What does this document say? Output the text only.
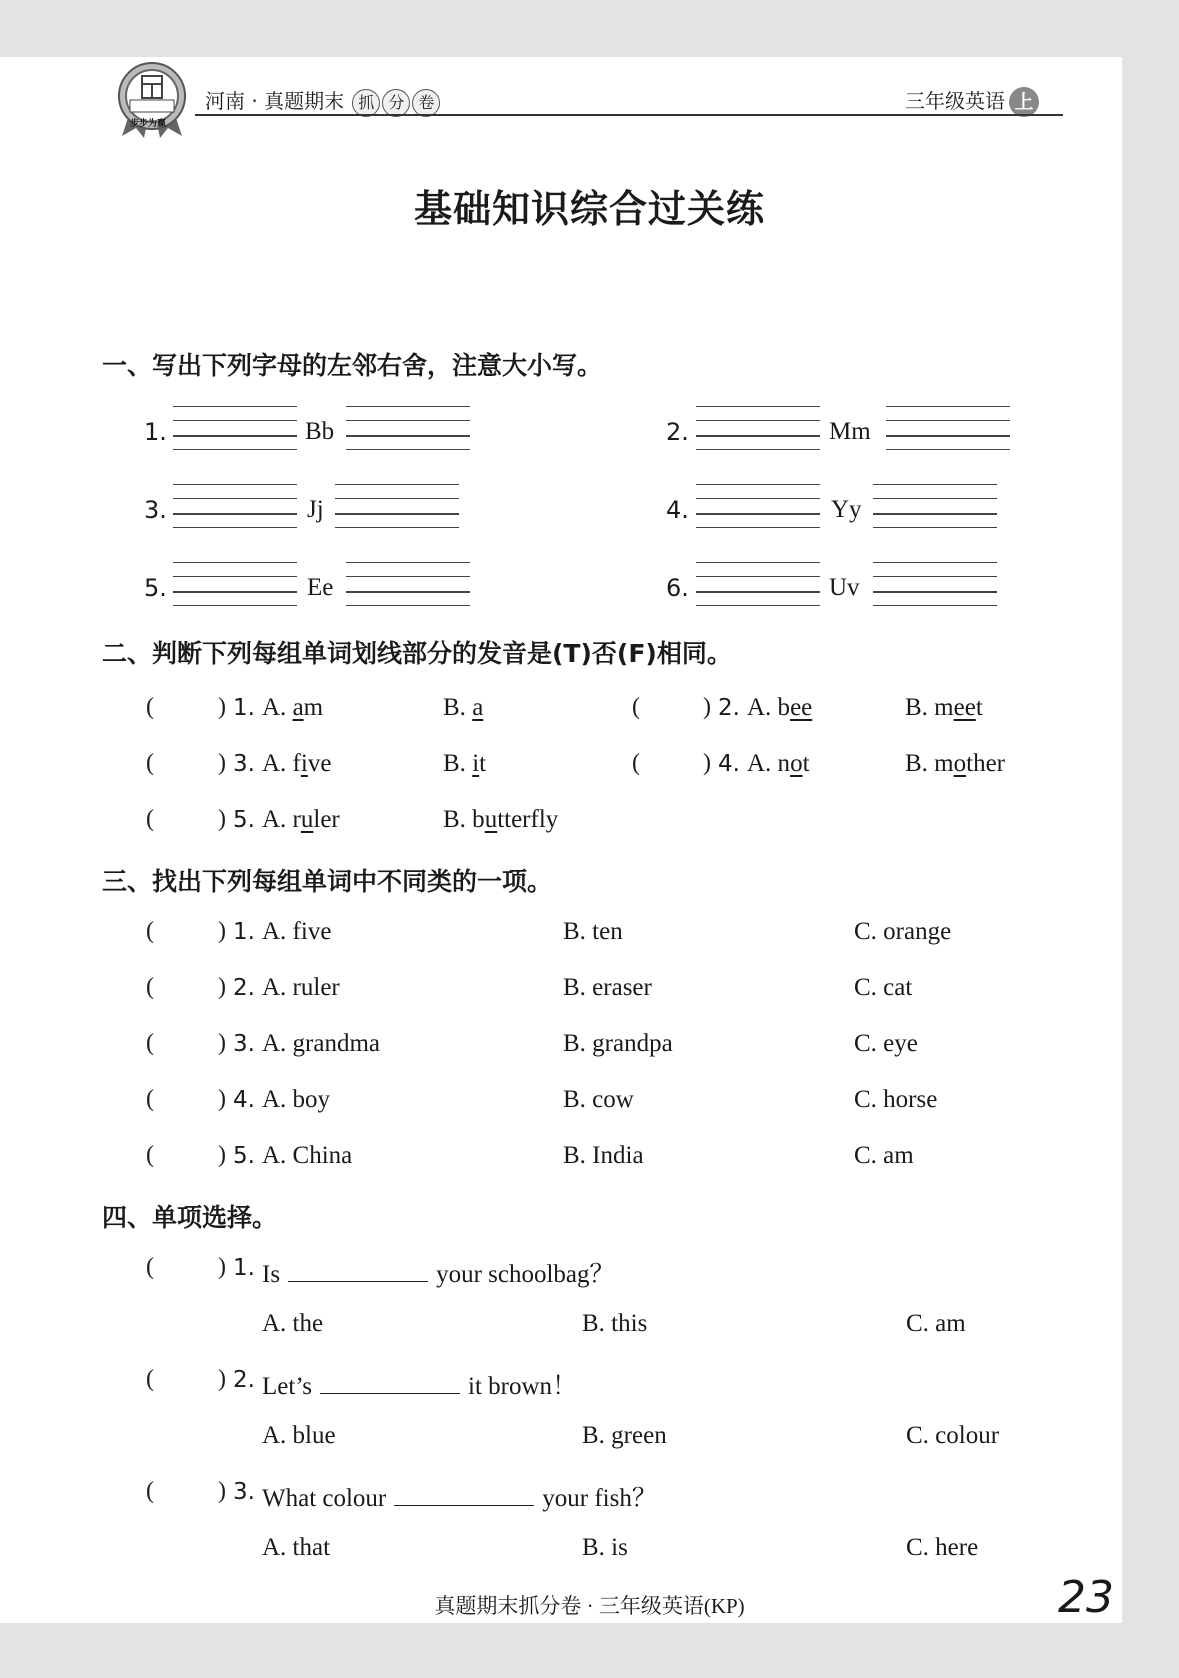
步步为赢
河南 · 真题期末 抓 分 卷	三年级英语 上
基础知识综合过关练
一、写出下列字母的左邻右舍，注意大小写。
1.	Bb	2.	Mm
3.	Jj	4.	Yy
5.	Ee	6.	Uv
二、判断下列每组单词划线部分的发音是(T)否(F)相同。
(	) 1. A. am	B. a	(	) 2. A. bee	B. meet
(	) 3. A. five	B. it	(	) 4. A. not	B. mother
(	) 5. A. ruler	B. butterfly
三、找出下列每组单词中不同类的一项。
(	) 1. A. five	B. ten	C. orange
(	) 2. A. ruler	B. eraser	C. cat
(	) 3. A. grandma	B. grandpa	C. eye
(	) 4. A. boy	B. cow	C. horse
(	) 5. A. China	B. India	C. am
四、单项选择。
(	) 1. Is	your schoolbag？
A. the	B. this	C. am
(	) 2. Let’s	it brown！
A. blue	B. green	C. colour
(	) 3. What colour	your fish？
A. that	B. is	C. here
真题期末抓分卷 · 三年级英语(KP)	23
